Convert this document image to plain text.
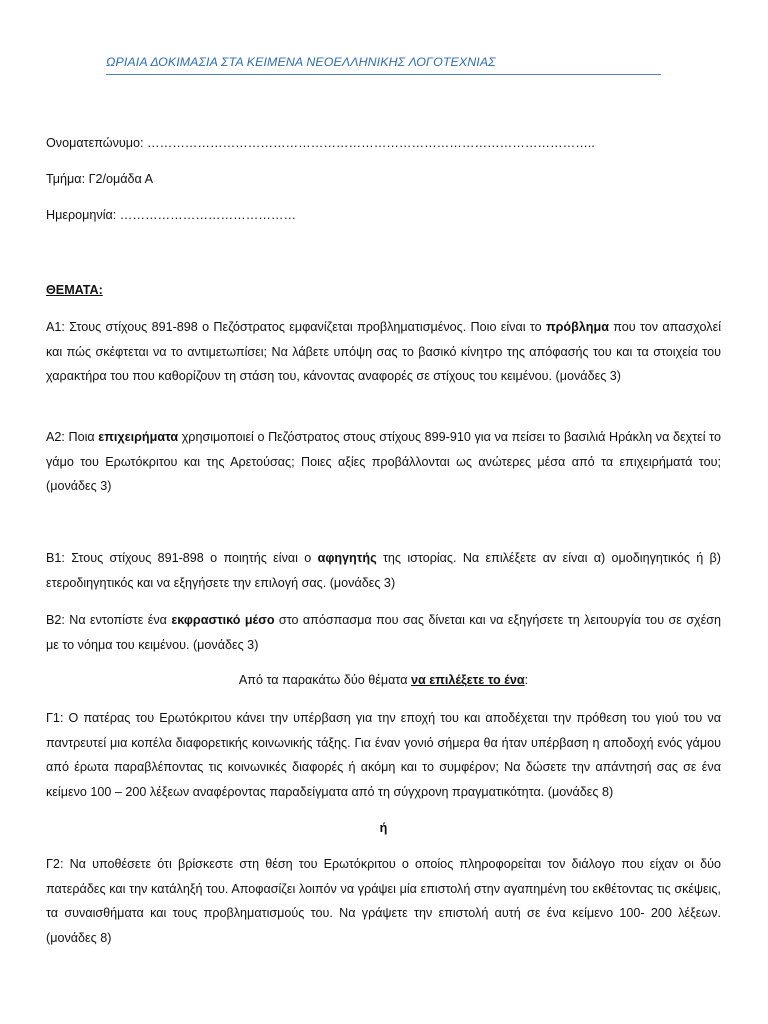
ΩΡΙΑΙΑ ΔΟΚΙΜΑΣΙΑ ΣΤΑ ΚΕΙΜΕΝΑ ΝΕΟΕΛΛΗΝΙΚΗΣ ΛΟΓΟΤΕΧΝΙΑΣ
Ονοματεπώνυμο: ……………………………………………………………………………………………..
Τμήμα: Γ2/ομάδα Α
Ημερομηνία: ……………………………………
ΘΕΜΑΤΑ:
Α1: Στους στίχους 891-898 ο Πεζόστρατος εμφανίζεται προβληματισμένος. Ποιο είναι το πρόβλημα που τον απασχολεί και πώς σκέφτεται να το αντιμετωπίσει; Να λάβετε υπόψη σας το βασικό κίνητρο της απόφασής του και τα στοιχεία του χαρακτήρα του που καθορίζουν τη στάση του, κάνοντας αναφορές σε στίχους του κειμένου. (μονάδες 3)
Α2: Ποια επιχειρήματα χρησιμοποιεί ο Πεζόστρατος στους στίχους 899-910 για να πείσει το βασιλιά Ηράκλη να δεχτεί το γάμο του Ερωτόκριτου και της Αρετούσας; Ποιες αξίες προβάλλονται ως ανώτερες μέσα από τα επιχειρήματά του; (μονάδες 3)
Β1: Στους στίχους 891-898 ο ποιητής είναι ο αφηγητής της ιστορίας. Να επιλέξετε αν είναι α) ομοδιηγητικός ή β) ετεροδιηγητικός και να εξηγήσετε την επιλογή σας. (μονάδες 3)
Β2: Να εντοπίστε ένα εκφραστικό μέσο στο απόσπασμα που σας δίνεται και να εξηγήσετε τη λειτουργία του σε σχέση με το νόημα του κειμένου. (μονάδες 3)
Από τα παρακάτω δύο θέματα να επιλέξετε το ένα:
Γ1: Ο πατέρας του Ερωτόκριτου κάνει την υπέρβαση για την εποχή του και αποδέχεται την πρόθεση του γιού του να παντρευτεί μια κοπέλα διαφορετικής κοινωνικής τάξης. Για έναν γονιό σήμερα θα ήταν υπέρβαση η αποδοχή ενός γάμου από έρωτα παραβλέποντας τις κοινωνικές διαφορές ή ακόμη και το συμφέρον; Να δώσετε την απάντησή σας σε ένα κείμενο 100 – 200 λέξεων αναφέροντας παραδείγματα από τη σύγχρονη πραγματικότητα. (μονάδες 8)
ή
Γ2: Να υποθέσετε ότι βρίσκεστε στη θέση του Ερωτόκριτου ο οποίος πληροφορείται τον διάλογο που είχαν οι δύο πατεράδες και την κατάληξή του. Αποφασίζει λοιπόν να γράψει μία επιστολή στην αγαπημένη του εκθέτοντας τις σκέψεις, τα συναισθήματα και τους προβληματισμούς του. Να γράψετε την επιστολή αυτή σε ένα κείμενο 100- 200 λέξεων. (μονάδες 8)
